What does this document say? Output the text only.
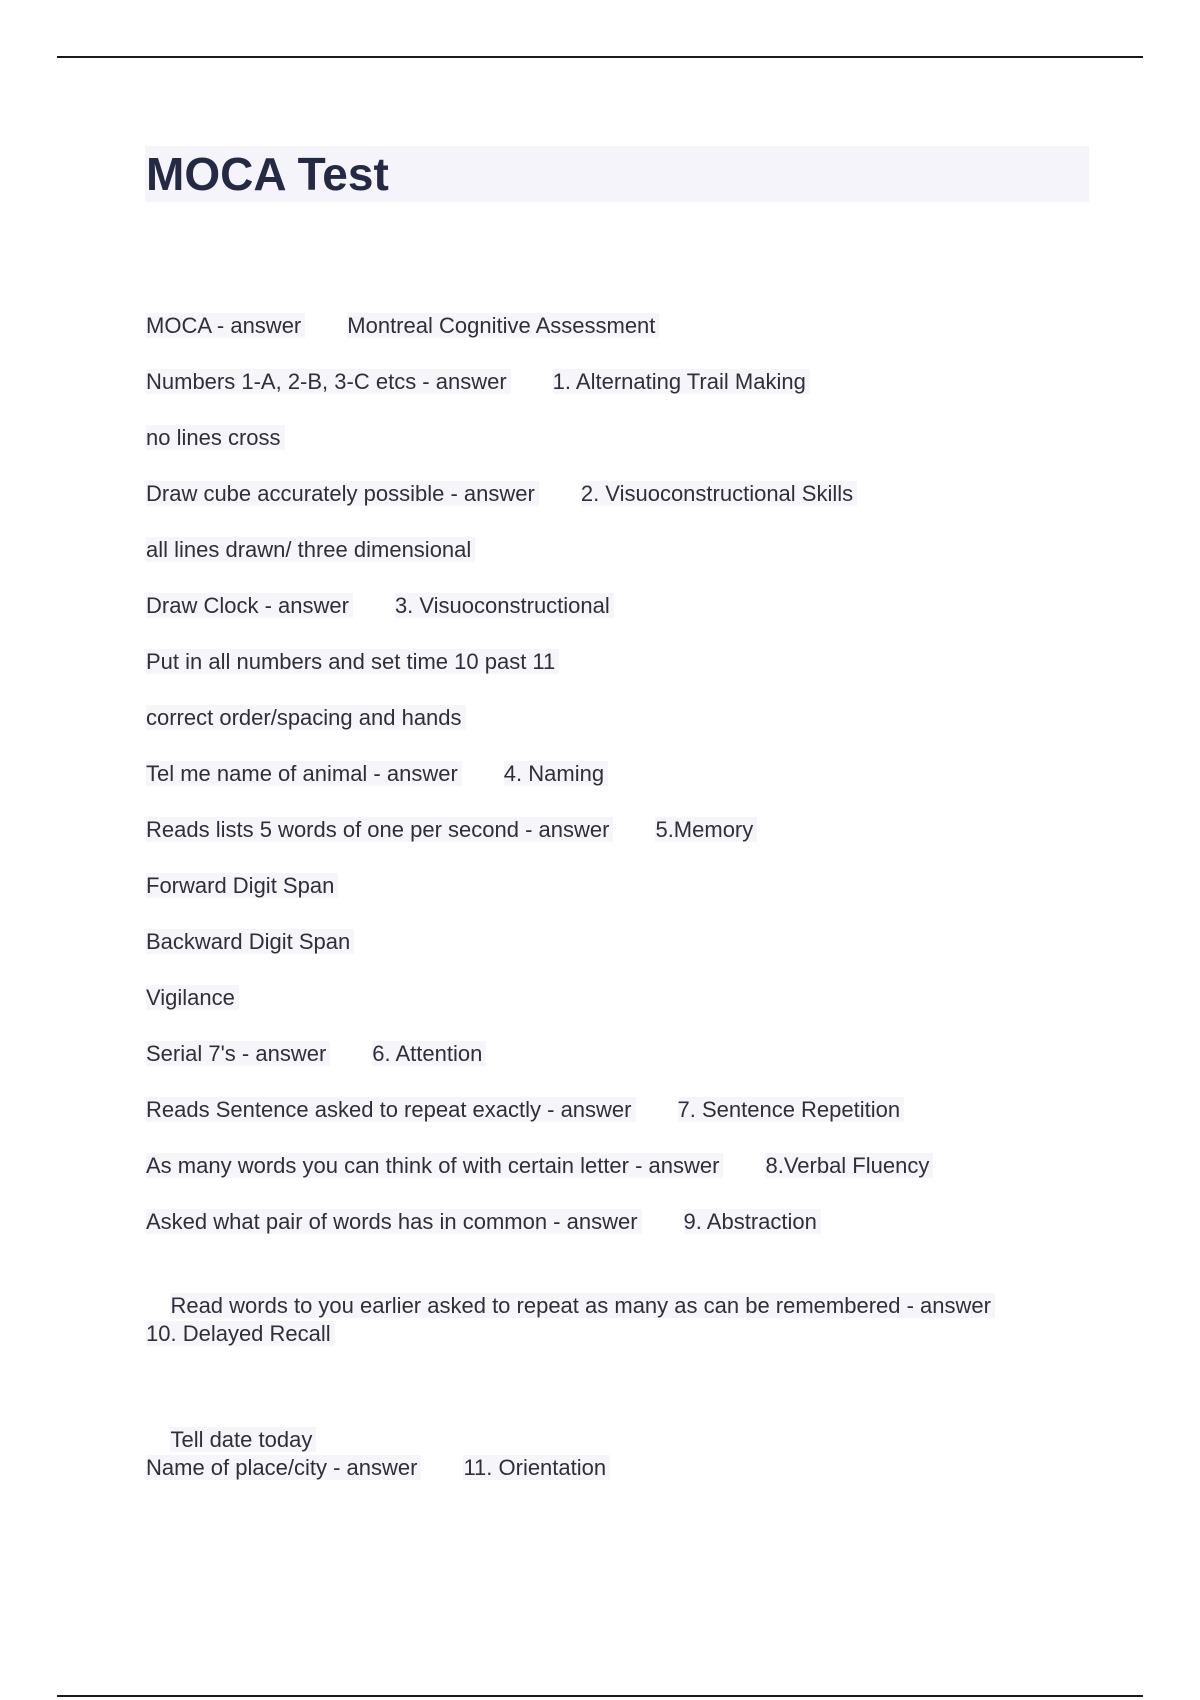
MOCA Test
MOCA - answer Montreal Cognitive Assessment
Numbers 1-A, 2-B, 3-C etcs - answer 1. Alternating Trail Making
no lines cross
Draw cube accurately possible - answer 2. Visuoconstructional Skills
all lines drawn/ three dimensional
Draw Clock - answer 3. Visuoconstructional
Put in all numbers and set time 10 past 11
correct order/spacing and hands
Tel me name of animal - answer 4. Naming
Reads lists 5 words of one per second - answer 5.Memory
Forward Digit Span
Backward Digit Span
Vigilance
Serial 7's - answer 6. Attention
Reads Sentence asked to repeat exactly - answer 7. Sentence Repetition
As many words you can think of with certain letter - answer 8.Verbal Fluency
Asked what pair of words has in common - answer 9. Abstraction

Read words to you earlier asked to repeat as many as can be remembered - answer
10. Delayed Recall

Tell date today
Name of place/city - answer 11. Orientation
